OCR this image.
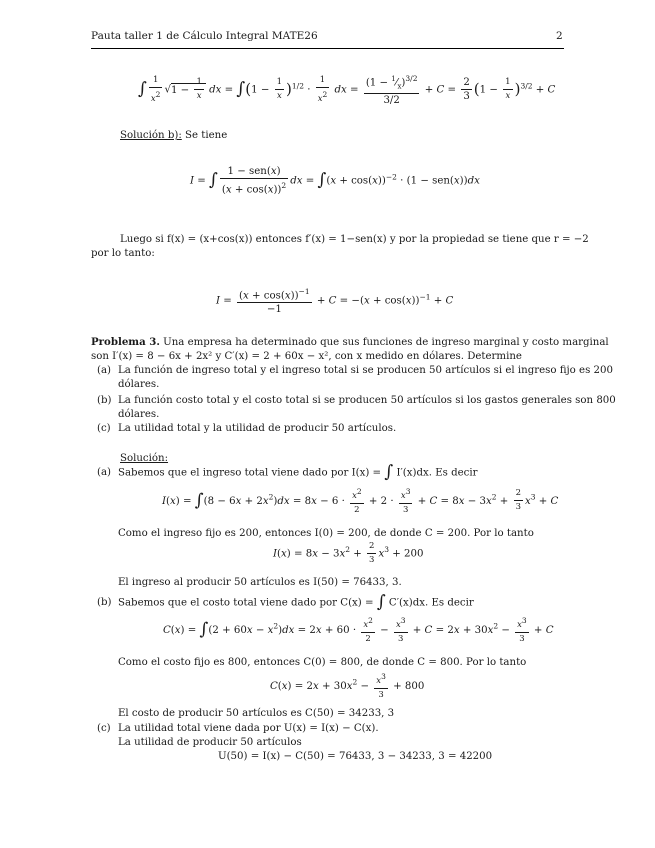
Pauta taller 1 de Cálculo Integral MATE26	2
∫ $\frac{1}{x2} √1 - \frac{1}{x}$ dx = $\int(1 - \frac{1}{x} )^{1/2} \cdot \frac{1}{x2}$ dx = $\frac{(1 - ^1⁄_x)^{3/2}}{3/2} + C = \frac{2}{3} (1 - \frac{1}{x} )^{3/2} + C$
Solución b): Se tiene
I = ∫ $\frac{\text{1 − sen(x)}}{(x + \cos(x))^2}$ dx = $\int(x + \cos(x))^{-2} \cdot (1 - sen(x))dx$
Luego si f(x) = (x+cos(x)) entonces f′(x) = 1−sen(x) y por la propiedad se tiene que r = −2
por lo tanto:
$I = \frac{(x + \cos(x))^{-1}}{-1} + C = -(x + \cos(x))^{-1} + C$
Problema 3. Una empresa ha determinado que sus funciones de ingreso marginal y costo marginal
son I′(x) = 8 − 6x + 2x² y C′(x) = 2 + 60x − x², con x medido en dólares. Determine
(a) La función de ingreso total y el ingreso total si se producen 50 artículos si el ingreso fijo es 200
dólares.
(b) La función costo total y el costo total si se producen 50 artículos si los gastos generales son 800
dólares.
(c) La utilidad total y la utilidad de producir 50 artículos.
Solución:
(a) Sabemos que el ingreso total viene dado por I(x) = ∫ I′(x)dx. Es decir
$I(x) = \int(8 - 6x + 2x^2)dx = 8x - 6 \cdot \frac{x2}{2} + 2 \cdot \frac{x3}{3} + C = 8x - 3x^2 + \frac{2}{3} x^3 + C$
Como el ingreso fijo es 200, entonces I(0) = 200, de donde C = 200. Por lo tanto
$I(x) = 8x - 3x^2 + \frac{2}{3} x^3 + 200$
El ingreso al producir 50 artículos es I(50) = 76433, 3.
(b) Sabemos que el costo total viene dado por C(x) = ∫ C′(x)dx. Es decir
$C(x) = \int(2 + 60x - x^2)dx = 2x + 60 \cdot \frac{x2}{2} - \frac{x3}{3} + C = 2x + 30x^2 - \frac{x3}{3} + C$
Como el costo fijo es 800, entonces C(0) = 800, de donde C = 800. Por lo tanto
$C(x) = 2x + 30x^2 - \frac{x3}{3} + 800$
El costo de producir 50 artículos es C(50) = 34233, 3
(c) La utilidad total viene dada por U(x) = I(x) − C(x).
La utilidad de producir 50 artículos
U(50) = I(x) − C(50) = 76433, 3 − 34233, 3 = 42200
